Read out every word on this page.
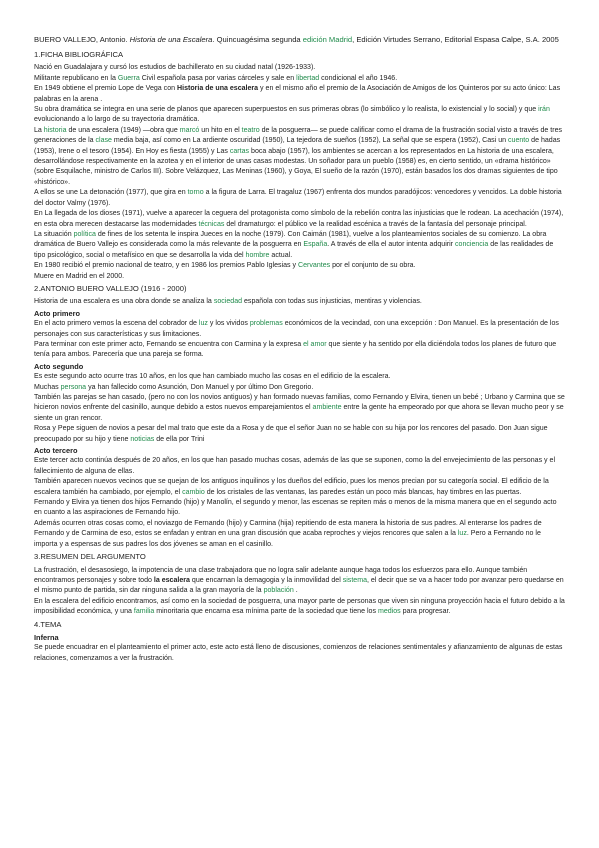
BUERO VALLEJO, Antonio. Historia de una Escalera. Quincuagésima segunda edición Madrid, Edición Virtudes Serrano, Editorial Espasa Calpe, S.A. 2005

1.FICHA BIBLIOGRÁFICA

Nació en Guadalajara y cursó los estudios de bachillerato en su ciudad natal (1926-1933).

Militante republicano en la Guerra Civil española pasa por varias cárceles y sale en libertad condicional el año 1946.

En 1949 obtiene el premio Lope de Vega con Historia de una escalera y en el mismo año el premio de la Asociación de Amigos de los Quinteros por su acto único: Las palabras en la arena .

Su obra dramática se integra en una serie de planos que aparecen superpuestos en sus primeras obras (lo simbólico y lo realista, lo existencial y lo social) y que irán evolucionando a lo largo de su trayectoria dramática.

La historia de una escalera (1949) —obra que marcó un hito en el teatro de la posguerra— se puede calificar como el drama de la frustración social visto a través de tres generaciones de la clase media baja, así como en La ardiente oscuridad (1950), La tejedora de sueños (1952), La señal que se espera (1952), Casi un cuento de hadas (1953), Irene o el tesoro (1954). En Hoy es fiesta (1955) y Las cartas boca abajo (1957), los ambientes se acercan a los representados en La historia de una escalera, desarrollándose respectivamente en la azotea y en el interior de unas casas modestas. Un soñador para un pueblo (1958) es, en cierto sentido, un «drama histórico» (sobre Esquilache, ministro de Carlos III). Sobre Velázquez, Las Meninas (1960), y Goya, El sueño de la razón (1970), están basados los dos dramas siguientes de tipo «histórico».

A ellos se une La detonación (1977), que gira en torno a la figura de Larra. El tragaluz (1967) enfrenta dos mundos paradójicos: vencedores y vencidos. La doble historia del doctor Valmy (1976).

En La llegada de los dioses (1971), vuelve a aparecer la ceguera del protagonista como símbolo de la rebelión contra las injusticias que le rodean. La acechación (1974), en esta obra merecen destacarse las modernidades técnicas del dramaturgo: el público ve la realidad escénica a través de la fantasía del personaje principal.

La situación política de fines de los setenta le inspira Jueces en la noche (1979). Con Caimán (1981), vuelve a los planteamientos sociales de su comienzo. La obra dramática de Buero Vallejo es considerada como la más relevante de la posguerra en España. A través de ella el autor intenta adquirir conciencia de las realidades de tipo psicológico, social o metafísico en que se desarrolla la vida del hombre actual.

En 1980 recibió el premio nacional de teatro, y en 1986 los premios Pablo Iglesias y Cervantes por el conjunto de su obra.

Muere en Madrid en el 2000.

2.ANTONIO BUERO VALLEJO (1916 - 2000)

Historia de una escalera es una obra donde se analiza la sociedad española con todas sus injusticias, mentiras y violencias.

Acto primero

En el acto primero vemos la escena del cobrador de luz y los vividos problemas económicos de la vecindad, con una excepción : Don Manuel. Es la presentación de los personajes con sus características y sus limitaciones.

Para terminar con este primer acto, Fernando se encuentra con Carmina y la expresa el amor que siente y ha sentido por ella diciéndola todos los planes de futuro que tenía para ambos. Parecería que una pareja se forma.

Acto segundo

Es este segundo acto ocurre tras 10 años, en los que han cambiado mucho las cosas en el edificio de la escalera.

Muchas persona ya han fallecido como Asunción, Don Manuel y por último Don Gregorio.

También las parejas se han casado, (pero no con los novios antiguos) y han formado nuevas familias, como Fernando y Elvira, tienen un bebé ; Urbano y Carmina que se hicieron novios enfrente del casinillo, aunque debido a estos nuevos emparejamientos el ambiente entre la gente ha empeorado por que ahora se llevan mucho peor y se siente un gran rencor.

Rosa y Pepe siguen de novios a pesar del mal trato que este da a Rosa y de que el señor Juan no se hable con su hija por los rencores del pasado. Don Juan sigue preocupado por su hijo y tiene noticias de ella por Trini

Acto tercero

Este tercer acto continúa después de 20 años, en los que han pasado muchas cosas, además de las que se suponen, como la del envejecimiento de las personas y el fallecimiento de alguna de ellas.

También aparecen nuevos vecinos que se quejan de los antiguos inquilinos y los dueños del edificio, pues los menos precian por su categoría social. El edificio de la escalera también ha cambiado, por ejemplo, el cambio de los cristales de las ventanas, las paredes están un poco más blancas, hay timbres en las puertas.

Fernando y Elvira ya tienen dos hijos Fernando (hijo) y Manolín, el segundo y menor, las escenas se repiten más o menos de la misma manera que en el segundo acto en cuanto a las aspiraciones de Fernando hijo.

Además ocurren otras cosas como, el noviazgo de Fernando (hijo) y Carmina (hija) repitiendo de esta manera la historia de sus padres. Al enterarse los padres de Fernando y de Carmina de eso, estos se enfadan y entran en una gran discusión que acaba reproches y viejos rencores que salen a la luz. Pero a Fernando no le importa y a espensas de sus padres los dos jóvenes se aman en el casinillo.

3.RESUMEN DEL ARGUMENTO

La frustración, el desasosiego, la impotencia de una clase trabajadora que no logra salir adelante aunque haga todos los esfuerzos para ello. Aunque también encontramos personajes y sobre todo la escalera que encarnan la demagogia y la inmovilidad del sistema, el decir que se va a hacer todo por avanzar pero quedarse en el mismo punto de partida, sin dar ninguna salida a la gran mayoría de la población .

En la escalera del edificio encontramos, así como en la sociedad de posguerra, una mayor parte de personas que viven sin ninguna proyección hacia el futuro debido a la imposibilidad económica, y una familia minoritaria que encarna esa mínima parte de la sociedad que tiene los medios para progresar.

4.TEMA

Inferna

Se puede encuadrar en el planteamiento el primer acto, este acto está lleno de discusiones, comienzos de relaciones sentimentales y afianzamiento de algunas de estas relaciones, comenzamos a ver la frustración.
